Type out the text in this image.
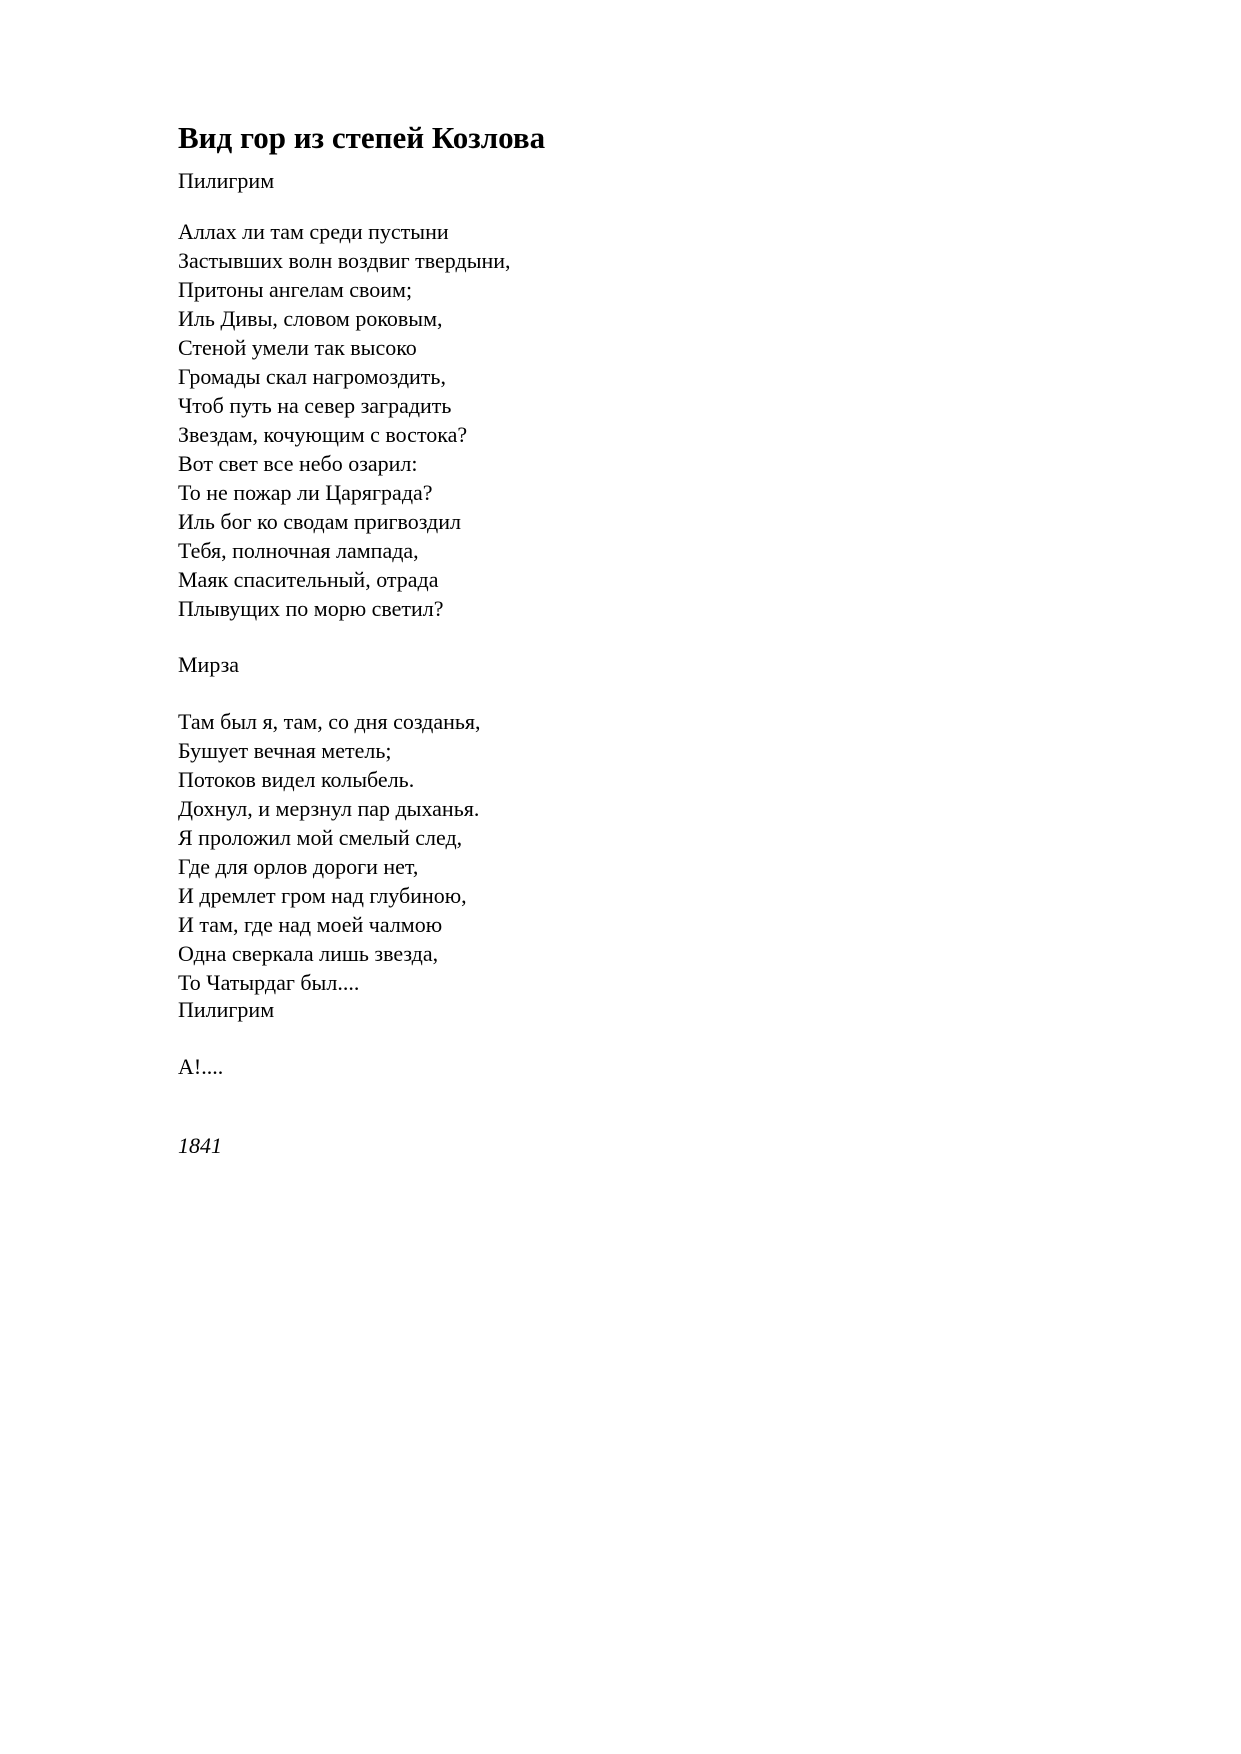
Вид гор из степей Козлова

Пилигрим

Аллах ли там среди пустыни
Застывших волн воздвиг твердыни,
Притоны ангелам своим;
Иль Дивы, словом роковым,
Стеной умели так высоко
Громады скал нагромоздить,
Чтоб путь на север заградить
Звездам, кочующим с востока?
Вот свет все небо озарил:
То не пожар ли Царяграда?
Иль бог ко сводам пригвоздил
Тебя, полночная лампада,
Маяк спасительный, отрада
Плывущих по морю светил?

Мирза

Там был я, там, со дня созданья,
Бушует вечная метель;
Потоков видел колыбель.
Дохнул, и мерзнул пар дыханья.
Я проложил мой смелый след,
Где для орлов дороги нет,
И дремлет гром над глубиною,
И там, где над моей чалмою
Одна сверкала лишь звезда,
То Чатырдаг был....

Пилигрим

А!....

1841
